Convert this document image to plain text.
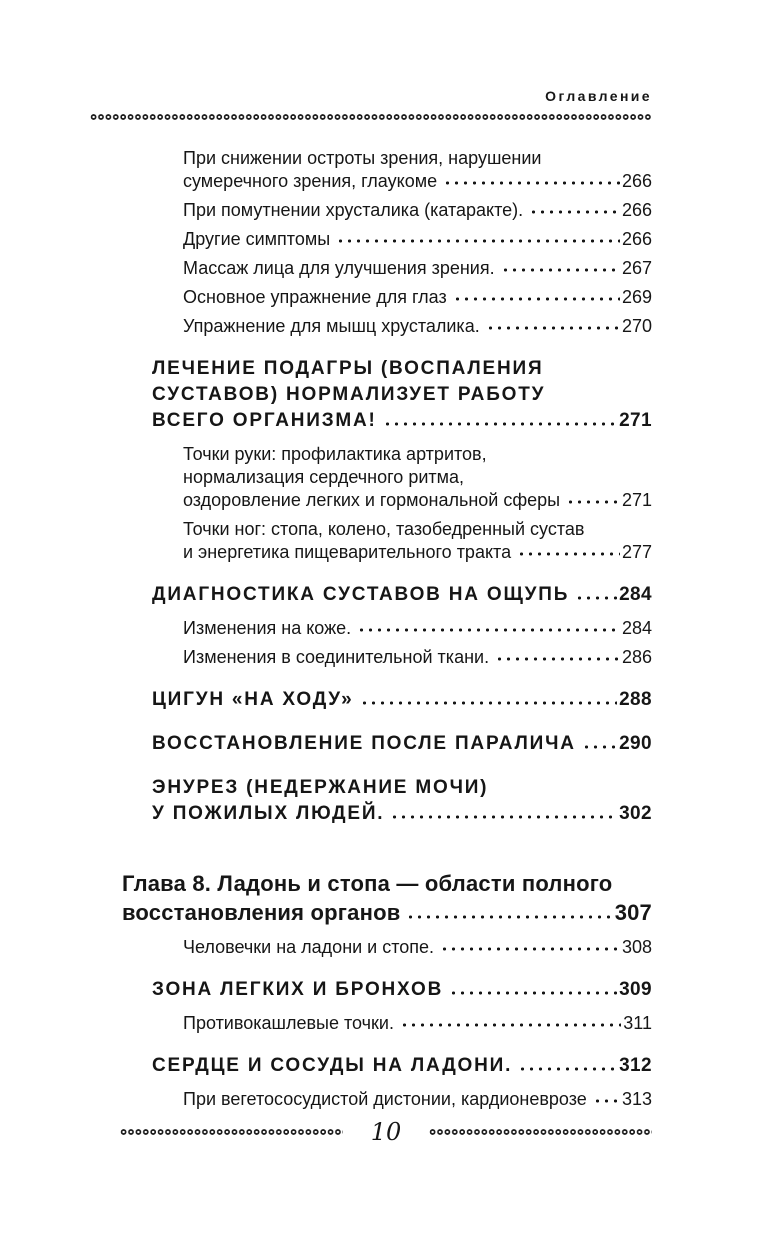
Оглавление
При снижении остроты зрения, нарушении
сумеречного зрения, глаукоме	266
При помутнении хрусталика (катаракте).	266
Другие симптомы	266
Массаж лица для улучшения зрения.	267
Основное упражнение для глаз	269
Упражнение для мышц хрусталика.	270
ЛЕЧЕНИЕ ПОДАГРЫ (ВОСПАЛЕНИЯ
СУСТАВОВ) НОРМАЛИЗУЕТ РАБОТУ
ВСЕГО ОРГАНИЗМА!	271
Точки руки: профилактика артритов,
нормализация сердечного ритма,
оздоровление легких и гормональной сферы	271
Точки ног: стопа, колено, тазобедренный сустав
и энергетика пищеварительного тракта	277
ДИАГНОСТИКА СУСТАВОВ НА ОЩУПЬ	284
Изменения на коже.	284
Изменения в соединительной ткани.	286
ЦИГУН «НА ХОДУ»	288
ВОССТАНОВЛЕНИЕ ПОСЛЕ ПАРАЛИЧА 290
ЭНУРЕЗ (НЕДЕРЖАНИЕ МОЧИ)
У ПОЖИЛЫХ ЛЮДЕЙ.	302
Глава 8. Ладонь и стопа — области полного
восстановления органов	307
Человечки на ладони и стопе.	308
ЗОНА ЛЕГКИХ И БРОНХОВ	309
Противокашлевые точки.	311
СЕРДЦЕ И СОСУДЫ НА ЛАДОНИ.	312
При вегетососудистой дистонии, кардионеврозе 313
10
